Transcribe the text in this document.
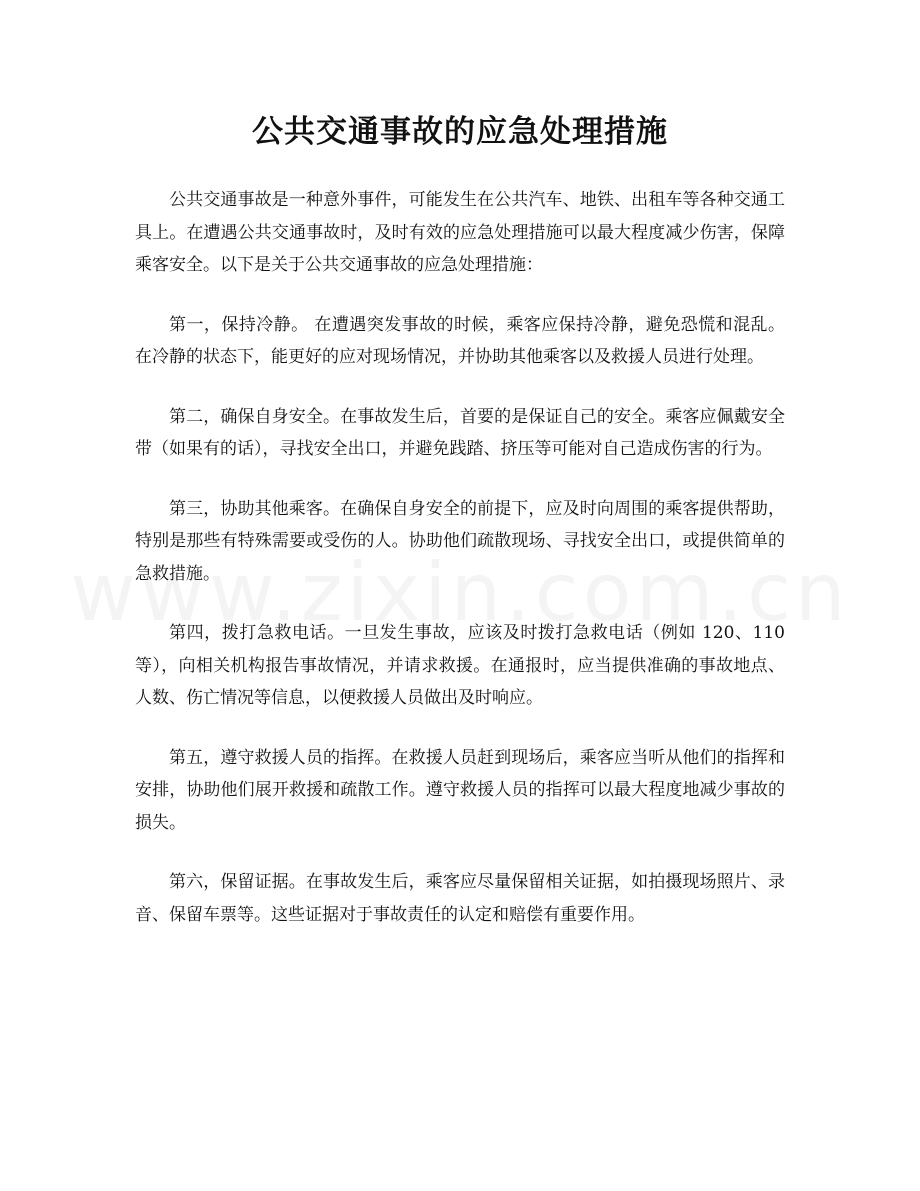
公共交通事故的应急处理措施

公共交通事故是一种意外事件，可能发生在公共汽车、地铁、出租车等各种交通工具上。在遭遇公共交通事故时，及时有效的应急处理措施可以最大程度减少伤害，保障乘客安全。以下是关于公共交通事故的应急处理措施：

第一，保持冷静。 在遭遇突发事故的时候，乘客应保持冷静，避免恐慌和混乱。在冷静的状态下，能更好的应对现场情况，并协助其他乘客以及救援人员进行处理。

第二，确保自身安全。在事故发生后，首要的是保证自己的安全。乘客应佩戴安全带（如果有的话），寻找安全出口，并避免践踏、挤压等可能对自己造成伤害的行为。

第三，协助其他乘客。在确保自身安全的前提下，应及时向周围的乘客提供帮助，特别是那些有特殊需要或受伤的人。协助他们疏散现场、寻找安全出口，或提供简单的急救措施。

第四，拨打急救电话。一旦发生事故，应该及时拨打急救电话（例如 120、110 等），向相关机构报告事故情况，并请求救援。在通报时，应当提供准确的事故地点、人数、伤亡情况等信息，以便救援人员做出及时响应。

第五，遵守救援人员的指挥。在救援人员赶到现场后，乘客应当听从他们的指挥和安排，协助他们展开救援和疏散工作。遵守救援人员的指挥可以最大程度地减少事故的损失。

第六，保留证据。在事故发生后，乘客应尽量保留相关证据，如拍摄现场照片、录音、保留车票等。这些证据对于事故责任的认定和赔偿有重要作用。
